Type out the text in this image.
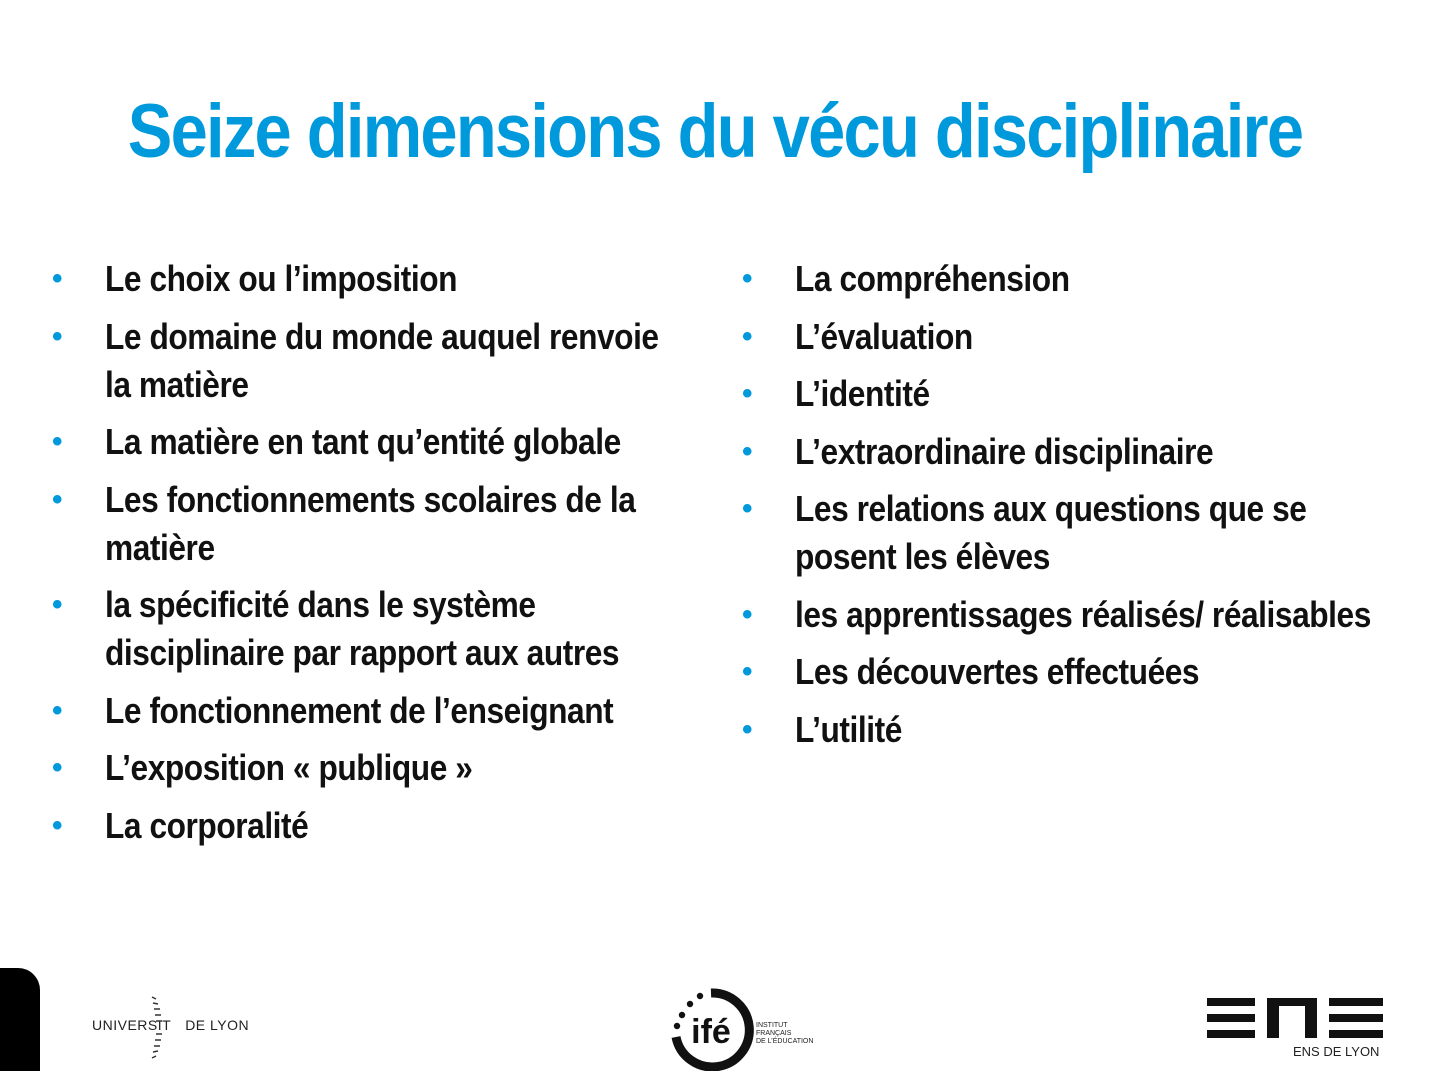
Seize dimensions du vécu disciplinaire
• Le choix ou l’imposition
• Le domaine du monde auquel renvoie la matière
• La matière en tant qu’entité globale
• Les fonctionnements scolaires de la matière
• la spécificité dans le système disciplinaire par rapport aux autres
• Le fonctionnement de l’enseignant
• L’exposition « publique »
• La corporalité
• La compréhension
• L’évaluation
• L’identité
• L’extraordinaire disciplinaire
• Les relations aux questions que se posent les élèves
• les apprentissages réalisés/ réalisables
• Les découvertes effectuées
• L’utilité
UNIVERSIT DE LYON	ifé	INSTITUT
FRANÇAIS
DE L’ÉDUCATION
ENS DE LYON
